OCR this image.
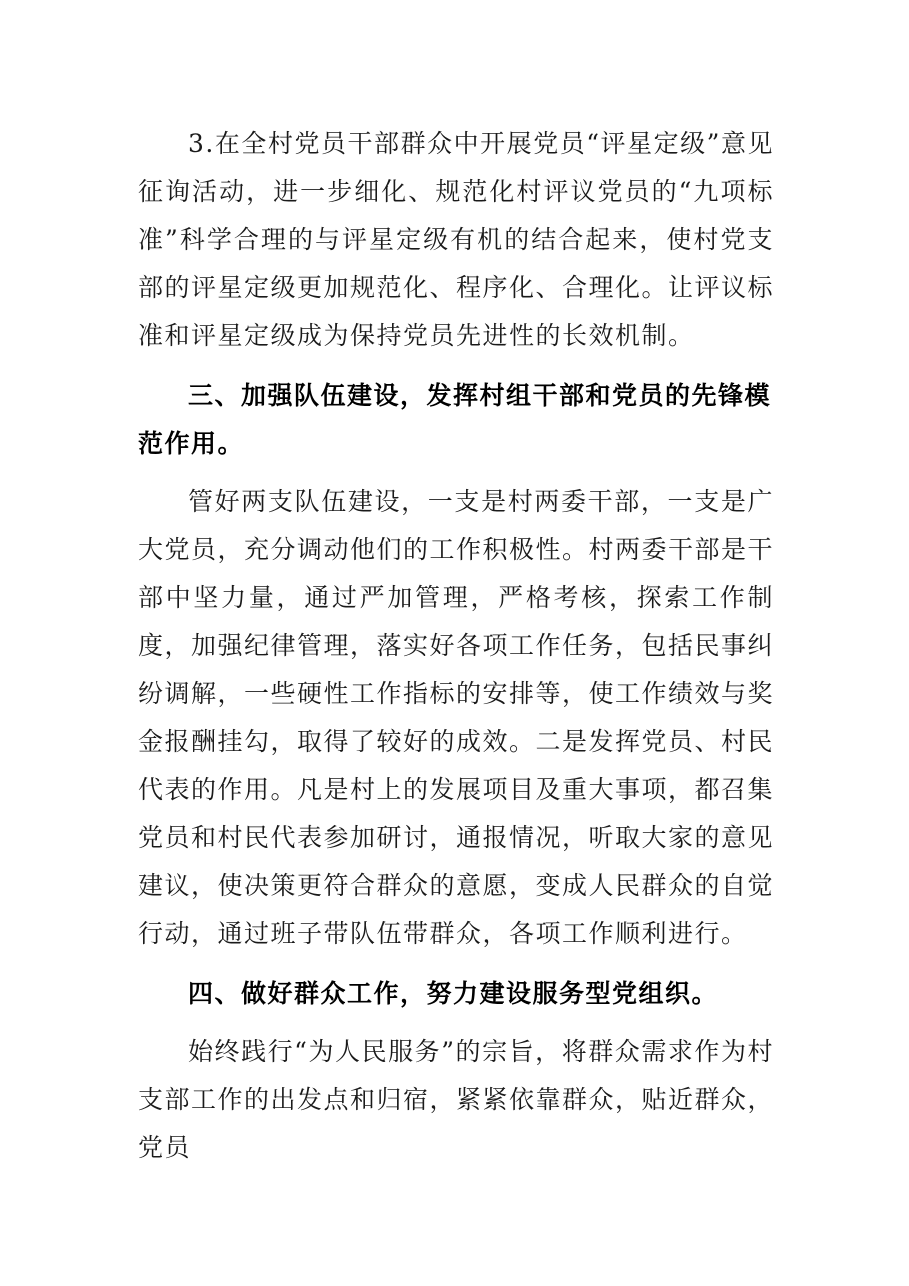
3.在全村党员干部群众中开展党员“评星定级”意见征询活动，进一步细化、规范化村评议党员的“九项标准”科学合理的与评星定级有机的结合起来，使村党支部的评星定级更加规范化、程序化、合理化。让评议标准和评星定级成为保持党员先进性的长效机制。

三、加强队伍建设，发挥村组干部和党员的先锋模范作用。

管好两支队伍建设，一支是村两委干部，一支是广大党员，充分调动他们的工作积极性。村两委干部是干部中坚力量，通过严加管理，严格考核，探索工作制度，加强纪律管理，落实好各项工作任务，包括民事纠纷调解，一些硬性工作指标的安排等，使工作绩效与奖金报酬挂勾，取得了较好的成效。二是发挥党员、村民代表的作用。凡是村上的发展项目及重大事项，都召集党员和村民代表参加研讨，通报情况，听取大家的意见建议，使决策更符合群众的意愿，变成人民群众的自觉行动，通过班子带队伍带群众，各项工作顺利进行。

四、做好群众工作，努力建设服务型党组织。

始终践行“为人民服务”的宗旨，将群众需求作为村支部工作的出发点和归宿，紧紧依靠群众，贴近群众，党员
